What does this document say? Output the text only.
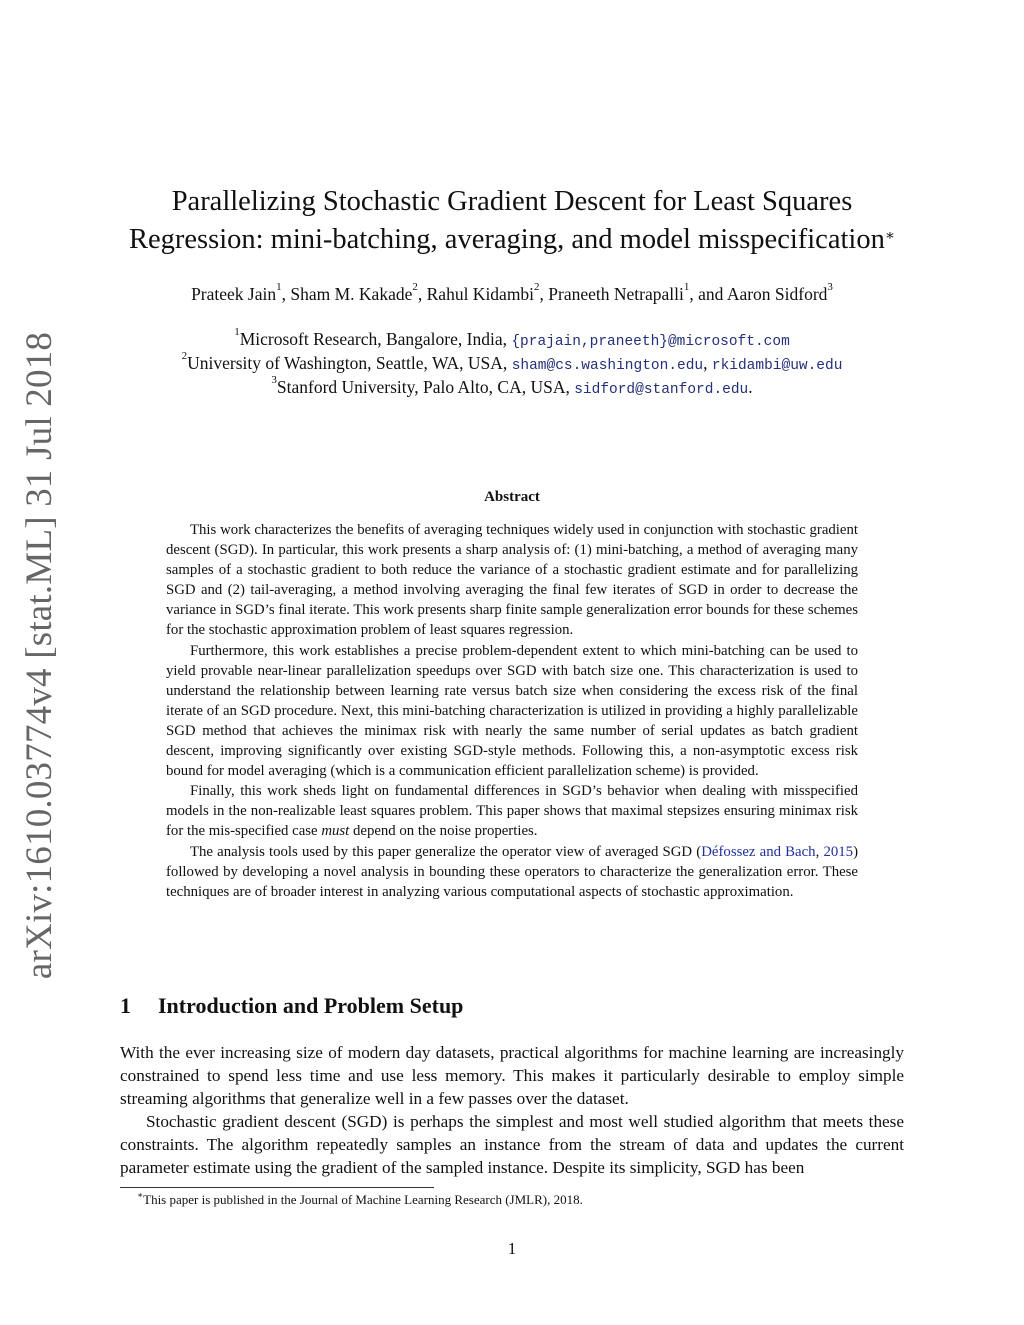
arXiv:1610.03774v4 [stat.ML] 31 Jul 2018
Parallelizing Stochastic Gradient Descent for Least Squares
Regression: mini-batching, averaging, and model misspecification∗
Prateek Jain$^1$, Sham M. Kakade$^2$, Rahul Kidambi$^2$, Praneeth Netrapalli$^1$, and Aaron Sidford$^3$
$^1$Microsoft Research, Bangalore, India, {prajain,praneeth}@microsoft.com
$^2$University of Washington, Seattle, WA, USA, sham@cs.washington.edu, rkidambi@uw.edu
$^3$Stanford University, Palo Alto, CA, USA, sidford@stanford.edu.
Abstract

This work characterizes the benefits of averaging techniques widely used in conjunction with stochastic gradient descent (SGD). In particular, this work presents a sharp analysis of: (1) mini-batching, a method of averaging many samples of a stochastic gradient to both reduce the variance of a stochastic gradient estimate and for parallelizing SGD and (2) tail-averaging, a method involving averaging the final few iterates of SGD in order to decrease the variance in SGD’s final iterate. This work presents sharp finite sample generalization error bounds for these schemes for the stochastic approximation problem of least squares regression.

Furthermore, this work establishes a precise problem-dependent extent to which mini-batching can be used to yield provable near-linear parallelization speedups over SGD with batch size one. This characterization is used to understand the relationship between learning rate versus batch size when considering the excess risk of the final iterate of an SGD procedure. Next, this mini-batching characterization is utilized in providing a highly parallelizable SGD method that achieves the minimax risk with nearly the same number of serial updates as batch gradient descent, improving significantly over existing SGD-style methods. Following this, a non-asymptotic excess risk bound for model averaging (which is a communication efficient parallelization scheme) is provided.

Finally, this work sheds light on fundamental differences in SGD’s behavior when dealing with misspecified models in the non-realizable least squares problem. This paper shows that maximal stepsizes ensuring minimax risk for the mis-specified case must depend on the noise properties.

The analysis tools used by this paper generalize the operator view of averaged SGD (Défossez and Bach, 2015) followed by developing a novel analysis in bounding these operators to characterize the generalization error. These techniques are of broader interest in analyzing various computational aspects of stochastic approximation.

1 Introduction and Problem Setup

With the ever increasing size of modern day datasets, practical algorithms for machine learning are increasingly constrained to spend less time and use less memory. This makes it particularly desirable to employ simple streaming algorithms that generalize well in a few passes over the dataset.

Stochastic gradient descent (SGD) is perhaps the simplest and most well studied algorithm that meets these constraints. The algorithm repeatedly samples an instance from the stream of data and updates the current parameter estimate using the gradient of the sampled instance. Despite its simplicity, SGD has been

∗This paper is published in the Journal of Machine Learning Research (JMLR), 2018.
1
